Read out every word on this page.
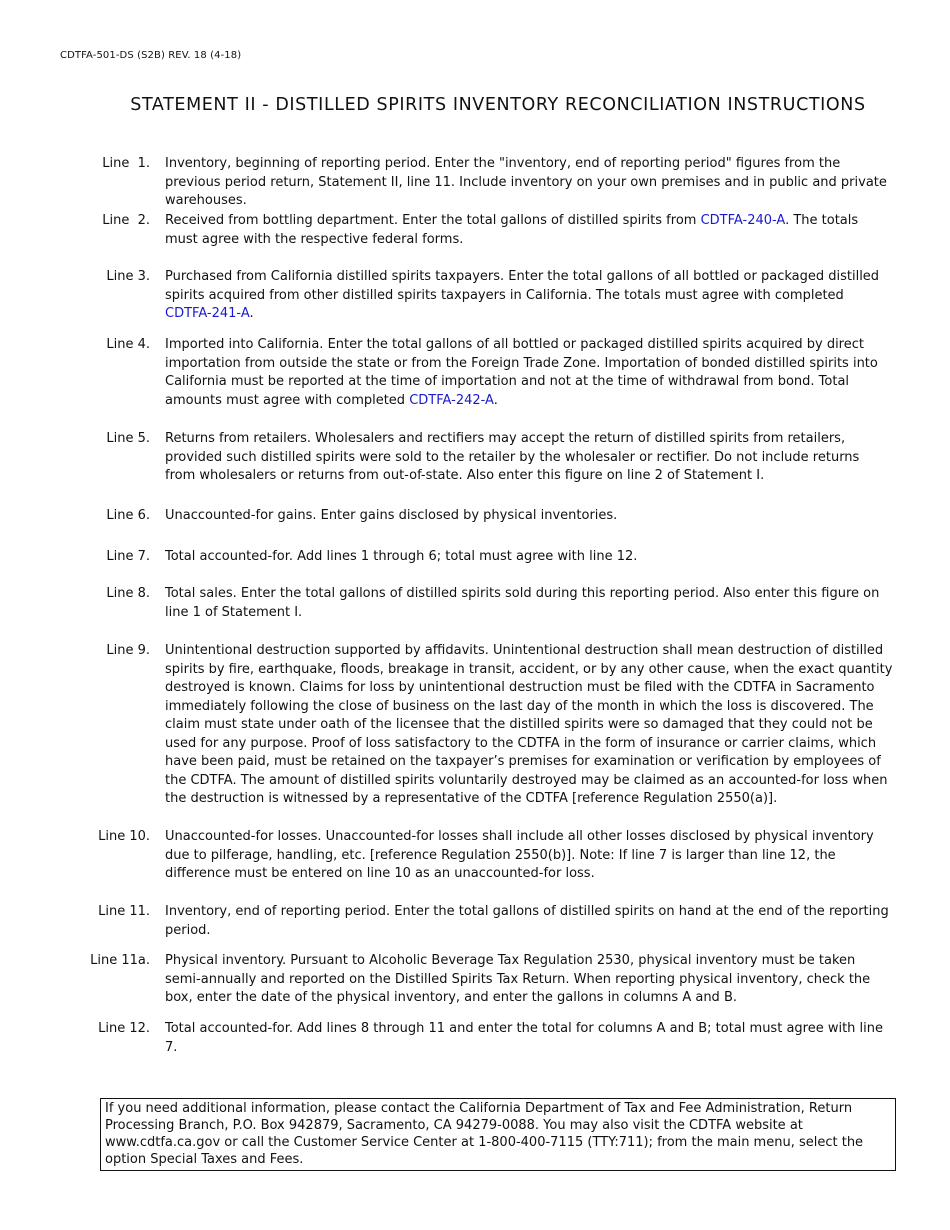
CDTFA-501-DS (S2B) REV. 18 (4-18)
STATEMENT II - DISTILLED SPIRITS INVENTORY RECONCILIATION INSTRUCTIONS
Line  1. Inventory, beginning of reporting period. Enter the "inventory, end of reporting period" figures from the previous period return, Statement II, line 11. Include inventory on your own premises and in public and private warehouses.
Line  2. Received from bottling department. Enter the total gallons of distilled spirits from CDTFA-240-A. The totals must agree with the respective federal forms.
Line 3. Purchased from California distilled spirits taxpayers. Enter the total gallons of all bottled or packaged distilled spirits acquired from other distilled spirits taxpayers in California. The totals must agree with completed CDTFA-241-A.
Line 4. Imported into California. Enter the total gallons of all bottled or packaged distilled spirits acquired by direct importation from outside the state or from the Foreign Trade Zone. Importation of bonded distilled spirits into California must be reported at the time of importation and not at the time of withdrawal from bond. Total amounts must agree with completed CDTFA-242-A.
Line 5. Returns from retailers. Wholesalers and rectifiers may accept the return of distilled spirits from retailers, provided such distilled spirits were sold to the retailer by the wholesaler or rectifier. Do not include returns from wholesalers or returns from out-of-state. Also enter this figure on line 2 of Statement I.
Line 6. Unaccounted-for gains. Enter gains disclosed by physical inventories.
Line 7. Total accounted-for. Add lines 1 through 6; total must agree with line 12.
Line 8. Total sales. Enter the total gallons of distilled spirits sold during this reporting period. Also enter this figure on line 1 of Statement I.
Line 9. Unintentional destruction supported by affidavits. Unintentional destruction shall mean destruction of distilled spirits by fire, earthquake, floods, breakage in transit, accident, or by any other cause, when the exact quantity destroyed is known. Claims for loss by unintentional destruction must be filed with the CDTFA in Sacramento immediately following the close of business on the last day of the month in which the loss is discovered. The claim must state under oath of the licensee that the distilled spirits were so damaged that they could not be used for any purpose. Proof of loss satisfactory to the CDTFA in the form of insurance or carrier claims, which have been paid, must be retained on the taxpayer’s premises for examination or verification by employees of the CDTFA. The amount of distilled spirits voluntarily destroyed may be claimed as an accounted-for loss when the destruction is witnessed by a representative of the CDTFA [reference Regulation 2550(a)].
Line 10. Unaccounted-for losses. Unaccounted-for losses shall include all other losses disclosed by physical inventory due to pilferage, handling, etc. [reference Regulation 2550(b)]. Note: If line 7 is larger than line 12, the difference must be entered on line 10 as an unaccounted-for loss.
Line 11. Inventory, end of reporting period. Enter the total gallons of distilled spirits on hand at the end of the reporting period.
Line 11a. Physical inventory. Pursuant to Alcoholic Beverage Tax Regulation 2530, physical inventory must be taken semi-annually and reported on the Distilled Spirits Tax Return. When reporting physical inventory, check the box, enter the date of the physical inventory, and enter the gallons in columns A and B.
Line 12. Total accounted-for. Add lines 8 through 11 and enter the total for columns A and B; total must agree with line 7.
If you need additional information, please contact the California Department of Tax and Fee Administration, Return Processing Branch, P.O. Box 942879, Sacramento, CA 94279-0088. You may also visit the CDTFA website at www.cdtfa.ca.gov or call the Customer Service Center at 1-800-400-7115 (TTY:711); from the main menu, select the option Special Taxes and Fees.
